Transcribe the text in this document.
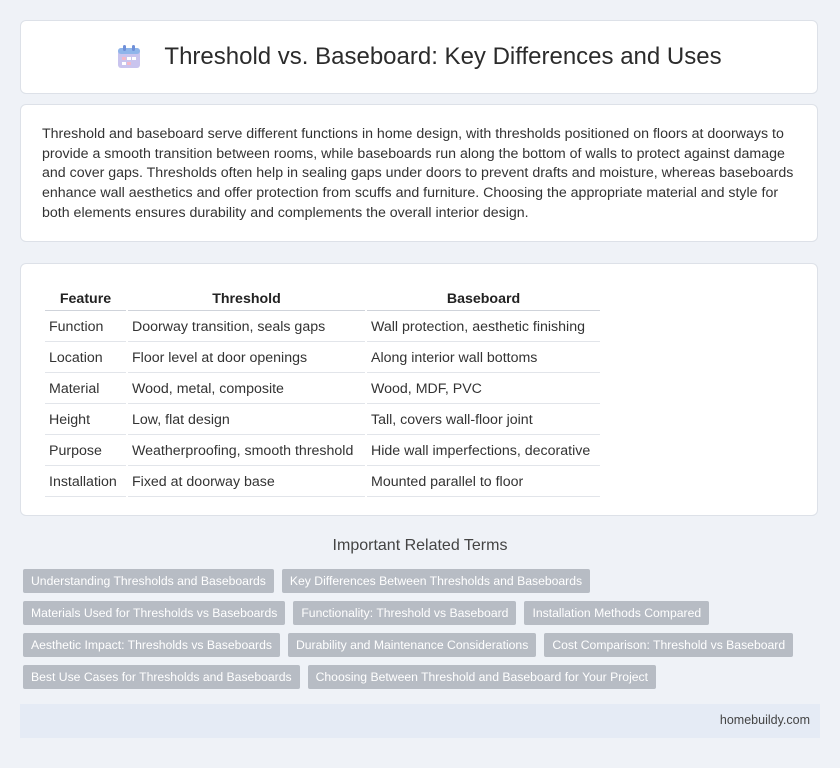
Threshold vs. Baseboard: Key Differences and Uses

Threshold and baseboard serve different functions in home design, with thresholds positioned on floors at doorways to provide a smooth transition between rooms, while baseboards run along the bottom of walls to protect against damage and cover gaps. Thresholds often help in sealing gaps under doors to prevent drafts and moisture, whereas baseboards enhance wall aesthetics and offer protection from scuffs and furniture. Choosing the appropriate material and style for both elements ensures durability and complements the overall interior design.

Feature	Threshold	Baseboard
Function	Doorway transition, seals gaps	Wall protection, aesthetic finishing
Location	Floor level at door openings	Along interior wall bottoms
Material	Wood, metal, composite	Wood, MDF, PVC
Height	Low, flat design	Tall, covers wall-floor joint
Purpose	Weatherproofing, smooth threshold	Hide wall imperfections, decorative
Installation	Fixed at doorway base	Mounted parallel to floor
Important Related Terms
Understanding Thresholds and Baseboards	Key Differences Between Thresholds and Baseboards
Materials Used for Thresholds vs Baseboards	Functionality: Threshold vs Baseboard	Installation Methods Compared
Aesthetic Impact: Thresholds vs Baseboards	Durability and Maintenance Considerations	Cost Comparison: Threshold vs Baseboard
Best Use Cases for Thresholds and Baseboards	Choosing Between Threshold and Baseboard for Your Project
homebuildy.com
